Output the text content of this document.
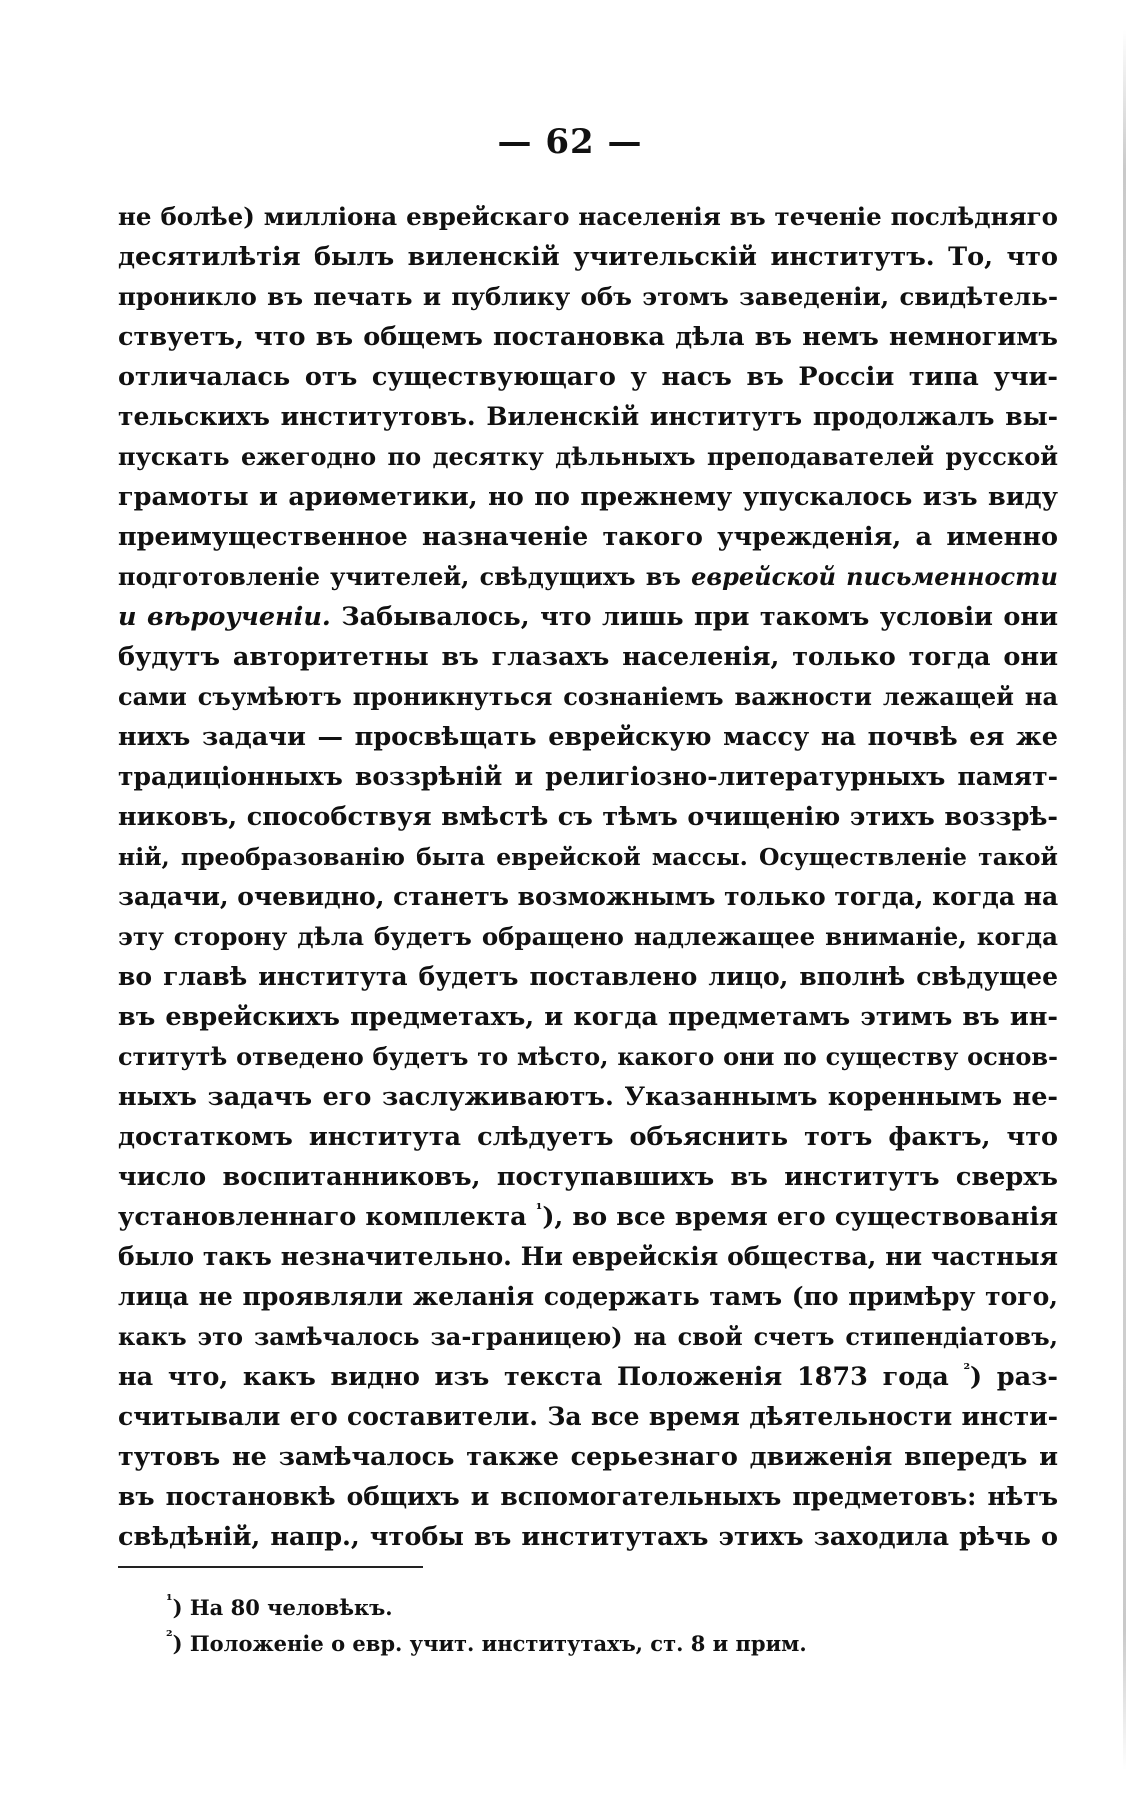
— 62 —
не болѣе) милліона еврейскаго населенія въ теченіе послѣдняго
десятилѣтія былъ виленскій учительскій институтъ. То, что
проникло въ печать и публику объ этомъ заведеніи, свидѣтель-
ствуетъ, что въ общемъ постановка дѣла въ немъ немногимъ
отличалась отъ существующаго у насъ въ Россіи типа учи-
тельскихъ институтовъ. Виленскій институтъ продолжалъ вы-
пускать ежегодно по десятку дѣльныхъ преподавателей русской
грамоты и ариѳметики, но по прежнему упускалось изъ виду
преимущественное назначеніе такого учрежденія, а именно
подготовленіе учителей, свѣдущихъ въ еврейской письменности
и вѣроученіи. Забывалось, что лишь при такомъ условіи они
будутъ авторитетны въ глазахъ населенія, только тогда они
сами съумѣютъ проникнуться сознаніемъ важности лежащей на
нихъ задачи — просвѣщать еврейскую массу на почвѣ ея же
традиціонныхъ воззрѣній и религіозно-литературныхъ памят-
никовъ, способствуя вмѣстѣ съ тѣмъ очищенію этихъ воззрѣ-
ній, преобразованію быта еврейской массы. Осуществленіе такой
задачи, очевидно, станетъ возможнымъ только тогда, когда на
эту сторону дѣла будетъ обращено надлежащее вниманіе, когда
во главѣ института будетъ поставлено лицо, вполнѣ свѣдущее
въ еврейскихъ предметахъ, и когда предметамъ этимъ въ ин-
ститутѣ отведено будетъ то мѣсто, какого они по существу основ-
ныхъ задачъ его заслуживаютъ. Указаннымъ кореннымъ не-
достаткомъ института слѣдуетъ объяснить тотъ фактъ, что
число воспитанниковъ, поступавшихъ въ институтъ сверхъ
установленнаго комплекта $^{^1}$), во все время его существованія
было такъ незначительно. Ни еврейскія общества, ни частныя
лица не проявляли желанія содержать тамъ (по примѣру того,
какъ это замѣчалось за-границею) на свой счетъ стипендіатовъ,
на что, какъ видно изъ текста Положенія 1873 года $^{^2}$) раз-
считывали его составители. За все время дѣятельности инсти-
тутовъ не замѣчалось также серьезнаго движенія впередъ и
въ постановкѣ общихъ и вспомогательныхъ предметовъ: нѣтъ
свѣдѣній, напр., чтобы въ институтахъ этихъ заходила рѣчь о
$^{^1}$) На 80 человѣкъ.
$^{^2}$) Положеніе о евр. учит. институтахъ, ст. 8 и прим.
